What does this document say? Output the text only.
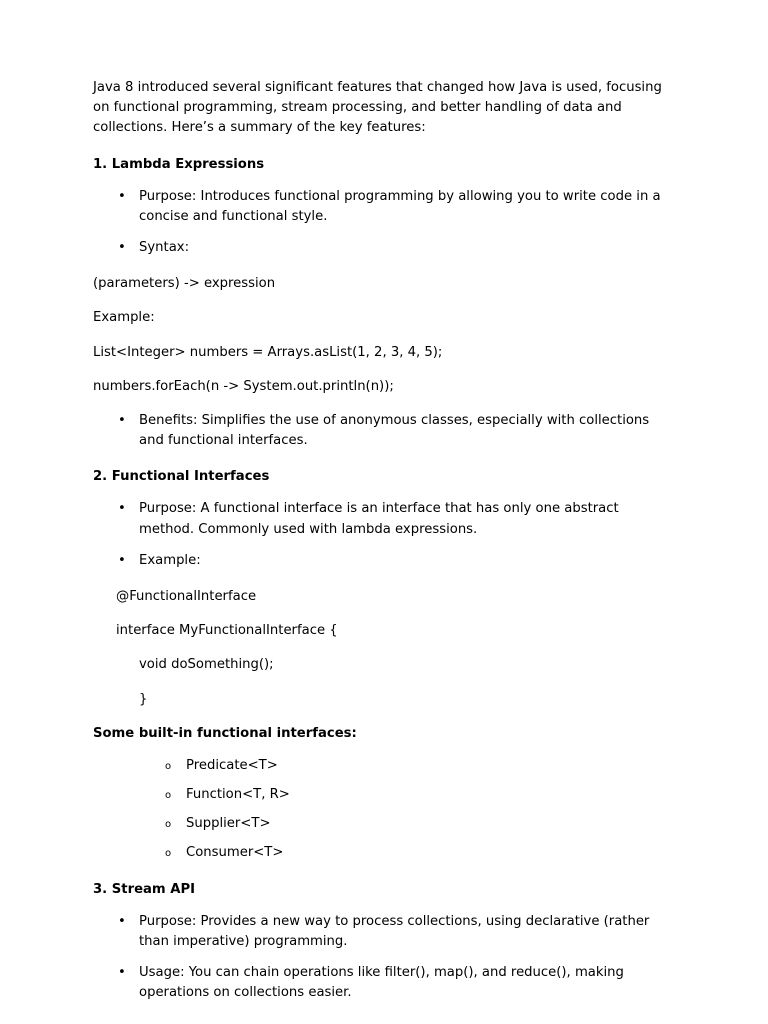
Java 8 introduced several significant features that changed how Java is used, focusing on functional programming, stream processing, and better handling of data and collections. Here’s a summary of the key features:

1. Lambda Expressions
• Purpose: Introduces functional programming by allowing you to write code in a concise and functional style.
• Syntax:

(parameters) -> expression

Example:

List<Integer> numbers = Arrays.asList(1, 2, 3, 4, 5);

numbers.forEach(n -> System.out.println(n));

• Benefits: Simplifies the use of anonymous classes, especially with collections and functional interfaces.
2. Functional Interfaces
• Purpose: A functional interface is an interface that has only one abstract method. Commonly used with lambda expressions.
• Example:

@FunctionalInterface

interface MyFunctionalInterface {

void doSomething();

}

Some built-in functional interfaces:
o Predicate<T>
o Function<T, R>
o Supplier<T>
o Consumer<T>
3. Stream API
• Purpose: Provides a new way to process collections, using declarative (rather than imperative) programming.
• Usage: You can chain operations like filter(), map(), and reduce(), making operations on collections easier.
